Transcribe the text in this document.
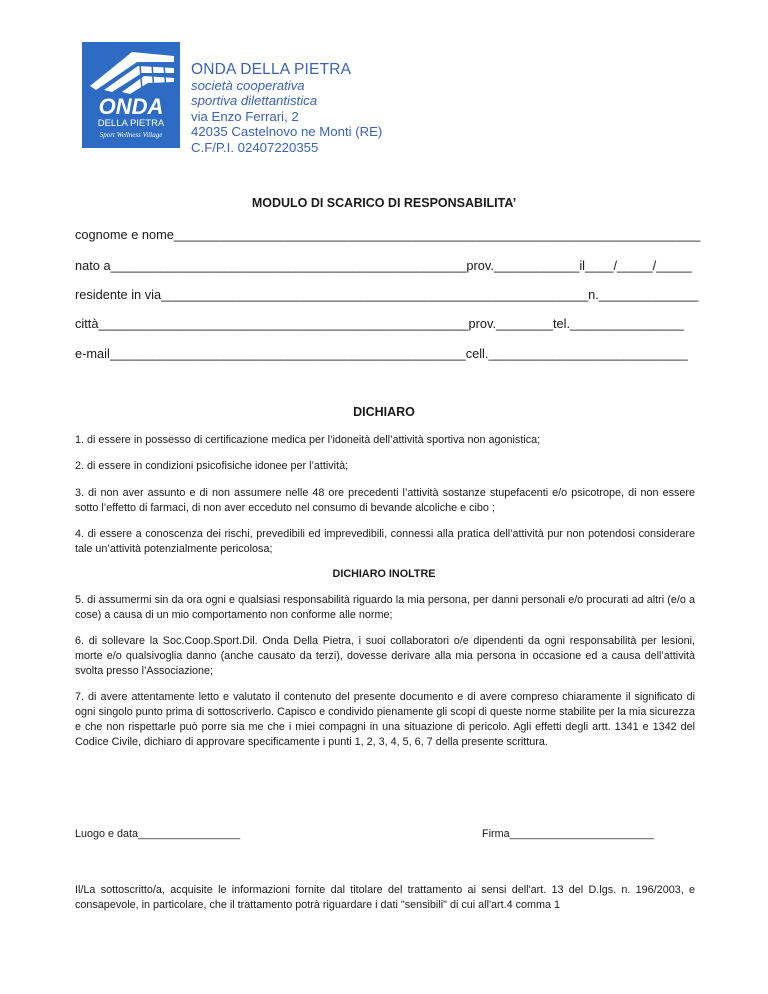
ONDA
DELLA PIETRA
Sport Wellness Village
ONDA DELLA PIETRA
società cooperativa
sportiva dilettantistica
via Enzo Ferrari, 2
42035 Castelnovo ne Monti (RE)
C.F/P.I. 02407220355
MODULO DI SCARICO DI RESPONSABILITA’
cognome e nome__________________________________________________________________________
nato a__________________________________________________prov.____________il____/_____/_____
residente in via____________________________________________________________n.______________
città____________________________________________________prov.________tel.________________
e-mail__________________________________________________cell.____________________________
DICHIARO
1. di essere in possesso di certificazione medica per l’idoneità dell’attività sportiva non agonistica;
2. di essere in condizioni psicofisiche idonee per l’attività;
3. di non aver assunto e di non assumere nelle 48 ore precedenti l’attività sostanze stupefacenti e/o psicotrope, di non essere sotto l’effetto di farmaci, di non aver ecceduto nel consumo di bevande alcoliche e cibo ;
4. di essere a conoscenza dei rischi, prevedibili ed imprevedibili, connessi alla pratica dell’attività pur non potendosi considerare tale un’attività potenzialmente pericolosa;
DICHIARO INOLTRE
5. di assumermi sin da ora ogni e qualsiasi responsabilità riguardo la mia persona, per danni personali e/o procurati ad altri (e/o a cose) a causa di un mio comportamento non conforme alle norme;
6. di sollevare la Soc.Coop.Sport.Dil. Onda Della Pietra, i suoi collaboratori o/e dipendenti da ogni responsabilità per lesioni, morte e/o qualsivoglia danno (anche causato da terzi), dovesse derivare alla mia persona in occasione ed a causa dell’attività svolta presso l’Associazione;
7. di avere attentamente letto e valutato il contenuto del presente documento e di avere compreso chiaramente il significato di ogni singolo punto prima di sottoscriverlo. Capisco e condivido pienamente gli scopi di queste norme stabilite per la mia sicurezza e che non rispettarle può porre sia me che i miei compagni in una situazione di pericolo. Agli effetti degli artt. 1341 e 1342 del Codice Civile, dichiaro di approvare specificamente i punti 1, 2, 3, 4, 5, 6, 7 della presente scrittura.
Luogo e data_________________	Firma________________________
Il/La sottoscritto/a, acquisite le informazioni fornite dal titolare del trattamento ai sensi dell'art. 13 del D.lgs. n. 196/2003, e consapevole, in particolare, che il trattamento potrà riguardare i dati "sensibili" di cui all'art.4 comma 1
